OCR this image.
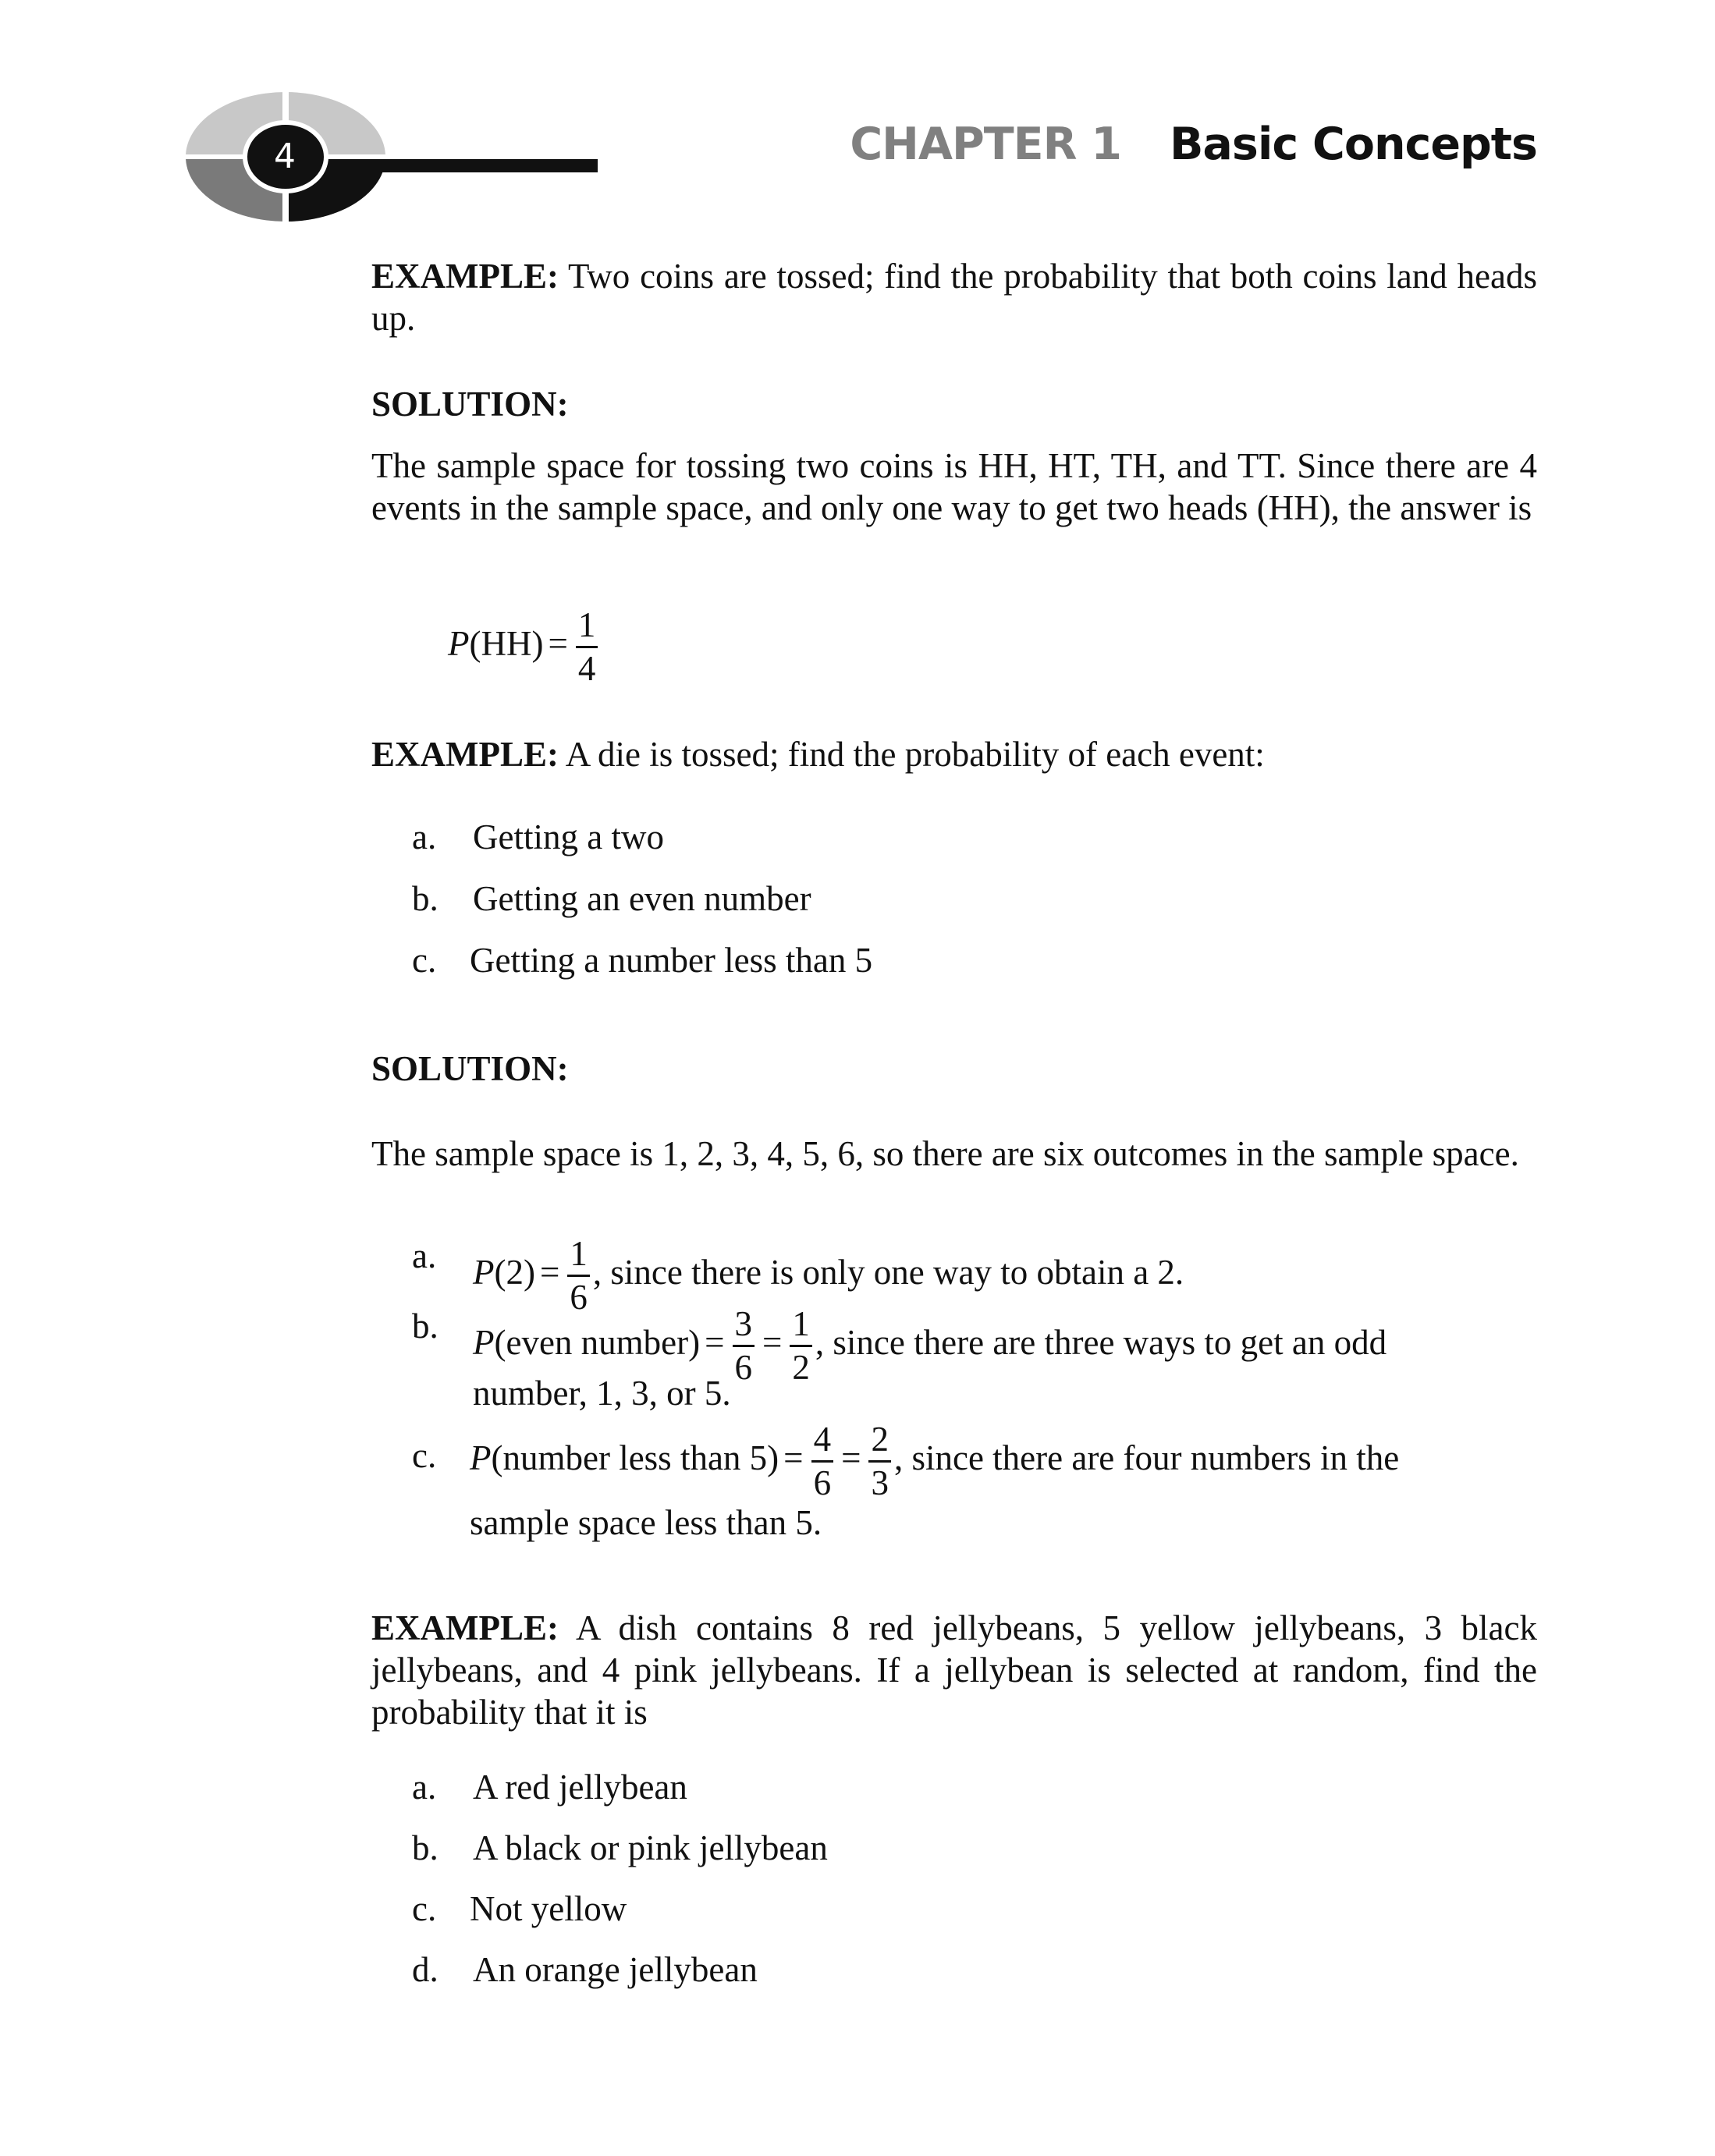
4	CHAPTER 1 Basic Concepts
EXAMPLE: Two coins are tossed; find the probability that both coins land heads up.
SOLUTION:
The sample space for tossing two coins is HH, HT, TH, and TT. Since there are 4 events in the sample space, and only one way to get two heads (HH), the answer is
$P(HH) = \frac{1}{4}$
EXAMPLE: A die is tossed; find the probability of each event:
a. Getting a two
b. Getting an even number
c. Getting a number less than 5
SOLUTION:
The sample space is 1, 2, 3, 4, 5, 6, so there are six outcomes in the sample space.
a. $P(2) = \frac{1}{6}$ , since there is only one way to obtain a 2.
b. P(even number) = $\frac{3}{6} = \frac{1}{2}$ , since there are three ways to get an odd
number, 1, 3, or 5.
c. P(number less than $5) = \frac{4}{6} = \frac{2}{3}$ , since there are four numbers in the
sample space less than 5.
EXAMPLE: A dish contains 8 red jellybeans, 5 yellow jellybeans, 3 black jellybeans, and 4 pink jellybeans. If a jellybean is selected at random, find the probability that it is
a. A red jellybean
b. A black or pink jellybean
c. Not yellow
d. An orange jellybean
